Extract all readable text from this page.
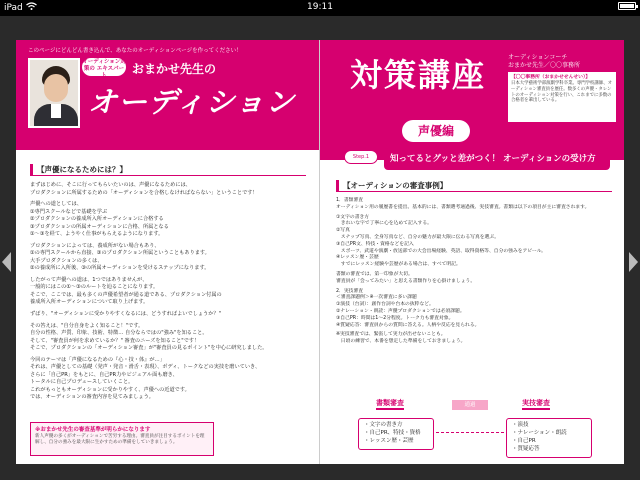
iPad	19:11
このページにどんどん書き込んで、あなたのオーディションページを作ってください！
オーディション対策の エキスパート
おまかせ先生の
オーディション
【声優になるためには？】

まずはじめに、そこに行ってもらいたいのは、声優になるためには、
プロダクションに所属するための「オーディションを合格しなければならない」ということです！

声優への道としては、
①専門スクールなどで基礎を学ぶ
②プロダクションの養成所入所オーディションに合格する
③プロダクションの所属オーディションに合格、所属となる
①〜③を経て、ようやく仕事がもらえるようになります。

プロダクションによっては、養成所がない場合もあり、
①の専門スクールから直接、③のプロダクション所属ということもあります。
大手プロダクションの多くは、
②の養成所に入所後、③の所属オーディションを受けるステップになります。

したがって声優への道は、1つではありませんが、
一般的にはこの①〜③のルートを辿ることになります。
そこで、ここでは、最も多くの声優希望者が通る道である、プロダクション付属の
養成所入所オーディションについて取り上げます。

ずばり、"オーディションに受かりやすくなるには、どうすればよいでしょうか？"

その答えは、"自分自身をよく知ること！"です。
自分の性格、声質、印象、技術、特徴… 自分ならではの"強み"を知ること。
そして、"審査員が何を求めているか？" 審査のニーズを知ること"です！
そこで、プロダクションの「オーディション審査」が"審査員の見るポイント"を中心に研究しました。

今回のテーマは「声優になるための『心・技・体』が…」
それは、声優としての基礎（発声・発音・滑舌・表現）、ボディ、トークなどの実技を磨いていき、
さらに「自己PR」をもとに、自己PR力やビジュアル面も磨き、
トータルに自己プロデュースしていくこと。
これがもっともオーディションに受かりやすく、声優への近道です。
では、オーディションの審査内容を見てみましょう。

※おまかせ先生の審査基準が明らかになります
新人声優の多くがオーディションで苦労する理由。審査員が注目するポイントを理解し、自分の強みを最大限に生かすための準備をしていきましょう。
対策講座	オーディションコーチ
おまかせ先生／〇〇事務所
【〇〇事務所（おまかせせんせい）】
日本大学藝術学部演劇学科卒業。専門学校講師、オーディション審査員を歴任。数多くの声優・タレントのオーディション対策を行い、これまでに多数の合格者を輩出している。
声優編
Step.1	知ってるとグッと差がつく！ オーディションの受け方
【オーディションの審査事例】

1．書類審査
オーディション用の履歴書を提出。基本的には、書類選考通過後、実技審査。書類は以下の項目が主に審査されます。

①文字の書き方
　きれいな字で丁寧に心を込めて記入する。
②写真
　スナップ写真、全身写真など、自分の魅力が最大限に伝わる写真を選ぶ。
③自己PR文、特技・資格などを記入
　スポーツ、武道や演劇・放送部での大会出場経験、英語、取得資格等、自分の強みをアピール。
④レッスン歴・芸歴
　すでにレッスン経験や芸歴がある場合は、すべて明記。

書類の審査では、第一印象が大切。
審査員が「会ってみたい」と思える書類作りを心掛けましょう。

2．実技審査
＜審査課題例＞※一次審査に多い課題
①演技（台詞）：創作台詞や台本の抜粋など。
②ナレーション・朗読：声優プロダクションでは必須課題。
③自己PR：時間は1〜2分程度。トーク力も審査対象。
④質疑応答：審査員からの質問に答える。人柄や反応を見られる。

※実技審査では、緊張して実力が出せないことも。
　日頃の練習で、本番を想定した準備をしておきましょう。

書類審査	通過	実技審査
・文字の書き方
・自己PR、特技・資格
・レッスン歴・芸歴
・演技
・ナレーション・朗読
・自己PR
・質疑応答
